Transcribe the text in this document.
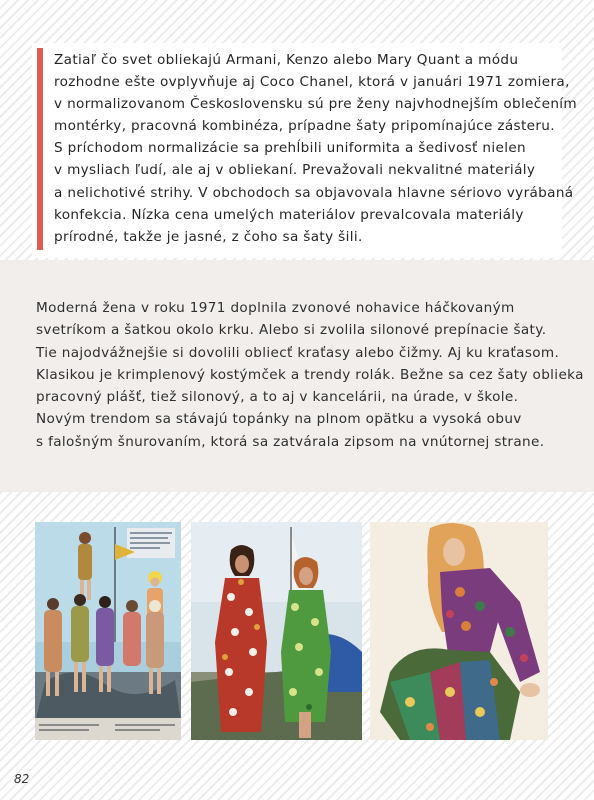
Zatiaľ čo svet obliekajú Armani, Kenzo alebo Mary Quant a módu
rozhodne ešte ovplyvňuje aj Coco Chanel, ktorá v januári 1971 zomiera,
v normalizovanom Československu sú pre ženy najvhodnejším oblečením
montérky, pracovná kombinéza, prípadne šaty pripomínajúce zásteru.
S príchodom normalizácie sa prehĺbili uniformita a šedivosť nielen
v mysliach ľudí, ale aj v obliekaní. Prevažovali nekvalitné materiály
a nelichotivé strihy. V obchodoch sa objavovala hlavne sériovo vyrábaná
konfekcia. Nízka cena umelých materiálov prevalcovala materiály
prírodné, takže je jasné, z čoho sa šaty šili.
Moderná žena v roku 1971 doplnila zvonové nohavice háčkovaným
svetríkom a šatkou okolo krku. Alebo si zvolila silonové prepínacie šaty.
Tie najodvážnejšie si dovolili obliecť kraťasy alebo čižmy. Aj ku kraťasom.
Klasikou je krimplenový kostýmček a trendy rolák. Bežne sa cez šaty oblieka
pracovný plášť, tiež silonový, a to aj v kancelárii, na úrade, v škole.
Novým trendom sa stávajú topánky na plnom opätku a vysoká obuv
s falošným šnurovaním, ktorá sa zatvárala zipsom na vnútornej strane.
82
